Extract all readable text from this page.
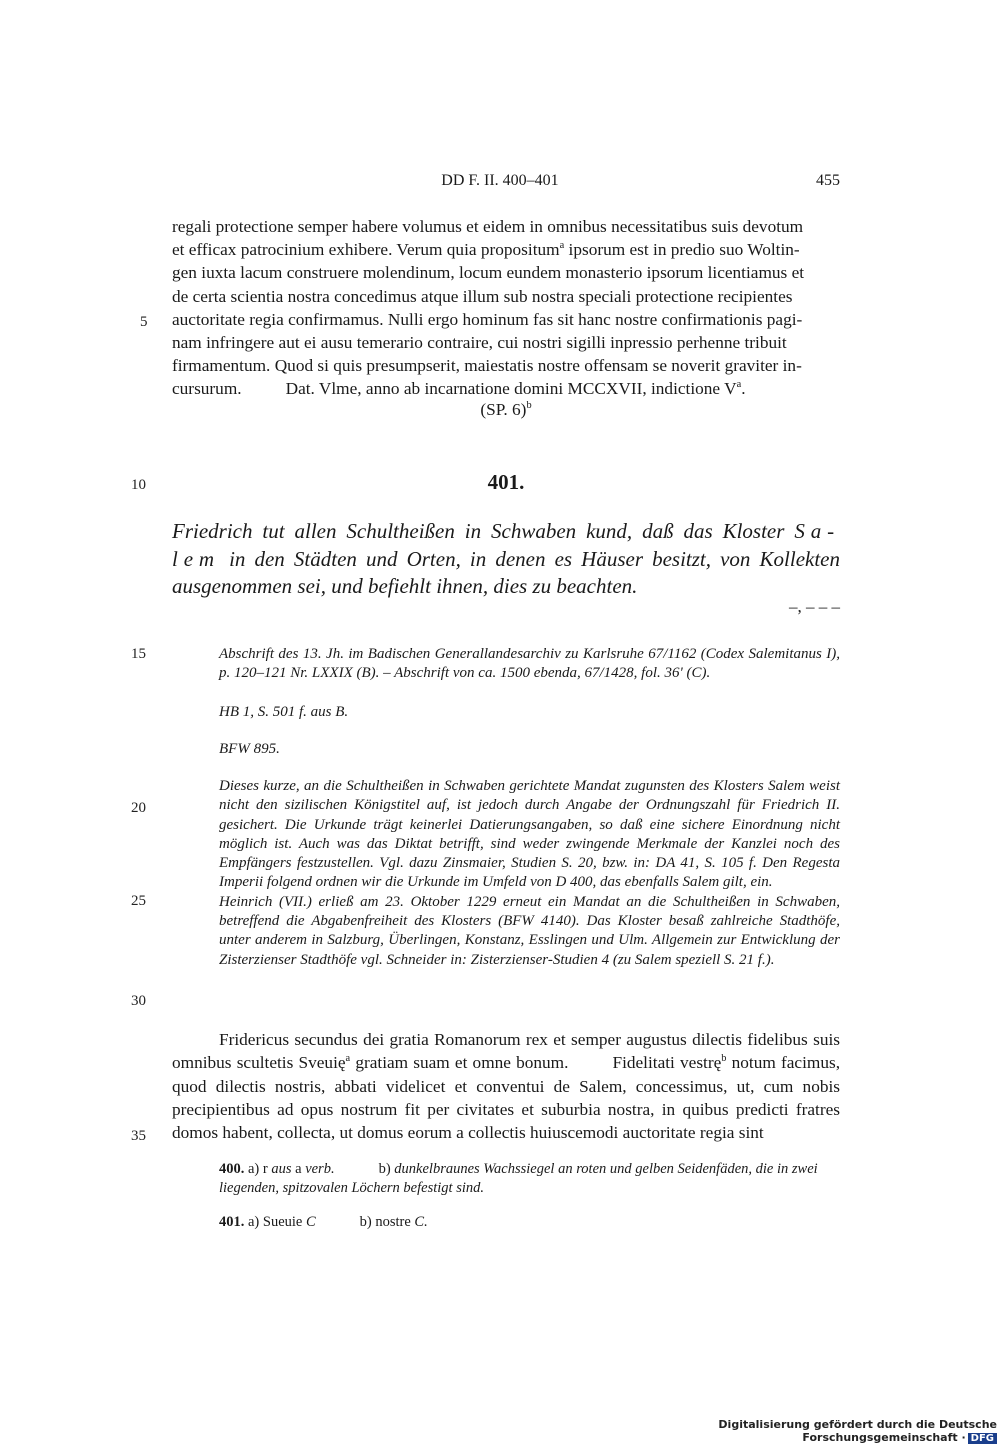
DD F. II. 400–401	455

regali protectione semper habere volumus et eidem in omnibus necessitatibus suis devotum

et efficax patrocinium exhibere. Verum quia propositum$^a$ ipsorum est in predio suo Woltin-

gen iuxta lacum construere molendinum, locum eundem monasterio ipsorum licentiamus et

de certa scientia nostra concedimus atque illum sub nostra speciali protectione recipientes

auctoritate regia confirmamus. Nulli ergo hominum fas sit hanc nostre confirmationis pagi-

nam infringere aut ei ausu temerario contraire, cui nostri sigilli inpressio perhenne tribuit

firmamentum. Quod si quis presumpserit, maiestatis nostre offensam se noverit graviter in-

cursurum.	Dat. Vlme, anno ab incarnatione domini MCCXVII, indictione $V^a$.

(SP. 6)$^b$
5
10
15
20
25
30
35
401.

Friedrich tut allen Schultheißen in Schwaben kund, daß das Kloster Sa- lem in den Städten und Orten, in denen es Häuser besitzt, von Kollekten ausgenommen sei, und befiehlt ihnen, dies zu beachten.

–, – – –

Abschrift des 13. Jh. im Badischen Generallandesarchiv zu Karlsruhe 67/1162 (Codex Salemitanus I), p. 120–121 Nr. LXXIX (B). – Abschrift von ca. 1500 ebenda, 67/1428, fol. 36' (C).

HB 1, S. 501 f. aus B.

BFW 895.

Dieses kurze, an die Schultheißen in Schwaben gerichtete Mandat zugunsten des Klosters Salem weist nicht den sizilischen Königstitel auf, ist jedoch durch Angabe der Ordnungszahl für Friedrich II. gesichert. Die Urkunde trägt keinerlei Datierungsangaben, so daß eine sichere Einordnung nicht möglich ist. Auch was das Diktat betrifft, sind weder zwingende Merkmale der Kanzlei noch des Empfängers festzustellen. Vgl. dazu Zinsmaier, Studien S. 20, bzw. in: DA 41, S. 105 f. Den Regesta Imperii folgend ordnen wir die Urkunde im Umfeld von D 400, das ebenfalls Salem gilt, ein.

Heinrich (VII.) erließ am 23. Oktober 1229 erneut ein Mandat an die Schultheißen in Schwaben, betreffend die Abgabenfreiheit des Klosters (BFW 4140). Das Kloster besaß zahlreiche Stadthöfe, unter anderem in Salzburg, Überlingen, Konstanz, Esslingen und Ulm. Allgemein zur Entwicklung der Zisterzienser Stadthöfe vgl. Schneider in: Zisterzienser-Studien 4 (zu Salem speziell S. 21 f.).

Fridericus secundus dei gratia Romanorum rex et semper augustus dilectis fidelibus suis omnibus scultetis Sveuię$^a$ gratiam suam et omne bonum.	Fidelitati vestrę$^b$ notum facimus, quod dilectis nostris, abbati videlicet et conventui de Salem, concessimus, ut, cum nobis precipientibus ad opus nostrum fit per civitates et suburbia nostra, in quibus predicti fratres domos habent, collecta, ut domus eorum a collectis huiuscemodi auctoritate regia sint

400. a) r aus a verb.	b) dunkelbraunes Wachssiegel an roten und gelben Seidenfäden, die in zwei liegenden, spitzovalen Löchern befestigt sind.

401. a) Sueuie C	b) nostre C.

Digitalisierung gefördert durch die Deutsche Forschungsgemeinschaft · DFG
